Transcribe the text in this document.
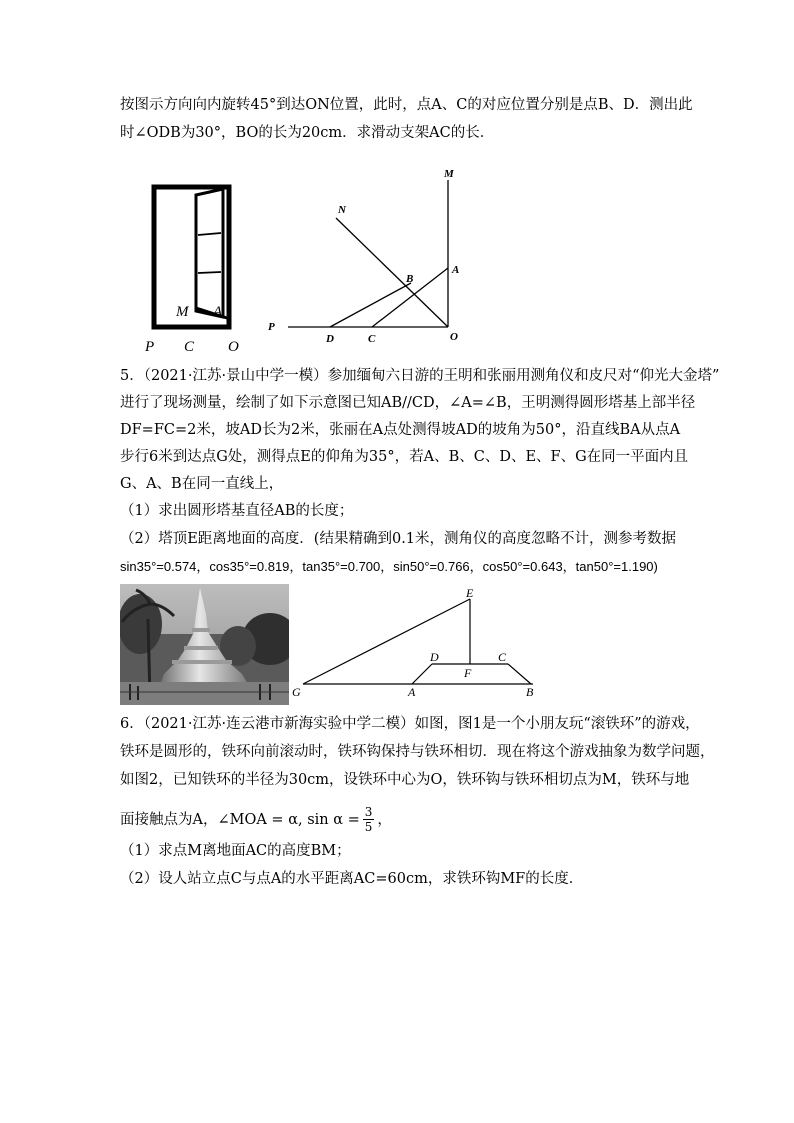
按图示方向向内旋转45°到达ON位置，此时，点A、C的对应位置分别是点B、D．测出此
时∠ODB为30°，BO的长为20cm．求滑动支架AC的长．
M A
P C O
M
N
B
A
P
D	C	O
5．（2021·江苏·景山中学一模）参加缅甸六日游的王明和张丽用测角仪和皮尺对“仰光大金塔”
进行了现场测量，绘制了如下示意图已知AB//CD，∠A=∠B，王明测得圆形塔基上部半径
DF=FC=2米，坡AD长为2米，张丽在A点处测得坡AD的坡角为50°，沿直线BA从点A
步行6米到达点G处，测得点E的仰角为35°，若A、B、C、D、E、F、G在同一平面内且
G、A、B在同一直线上，
（1）求出圆形塔基直径AB的长度；
（2）塔顶E距离地面的高度．(结果精确到0.1米，测角仪的高度忽略不计，测参考数据
sin35°=0.574，cos35°=0.819，tan35°=0.700，sin50°=0.766，cos50°=0.643，tan50°=1.190)
E
D	C
F
G	A	B
6．（2021·江苏·连云港市新海实验中学二模）如图，图1是一个小朋友玩“滚铁环”的游戏，
铁环是圆形的，铁环向前滚动时，铁环钩保持与铁环相切．现在将这个游戏抽象为数学问题，
如图2，已知铁环的半径为30cm，设铁环中心为O，铁环钩与铁环相切点为M，铁环与地
面接触点为A，∠MOA = α, $\sin \alpha = \frac{3}{5}$ ，
（1）求点M离地面AC的高度BM；
（2）设人站立点C与点A的水平距离AC=60cm，求铁环钩MF的长度．
